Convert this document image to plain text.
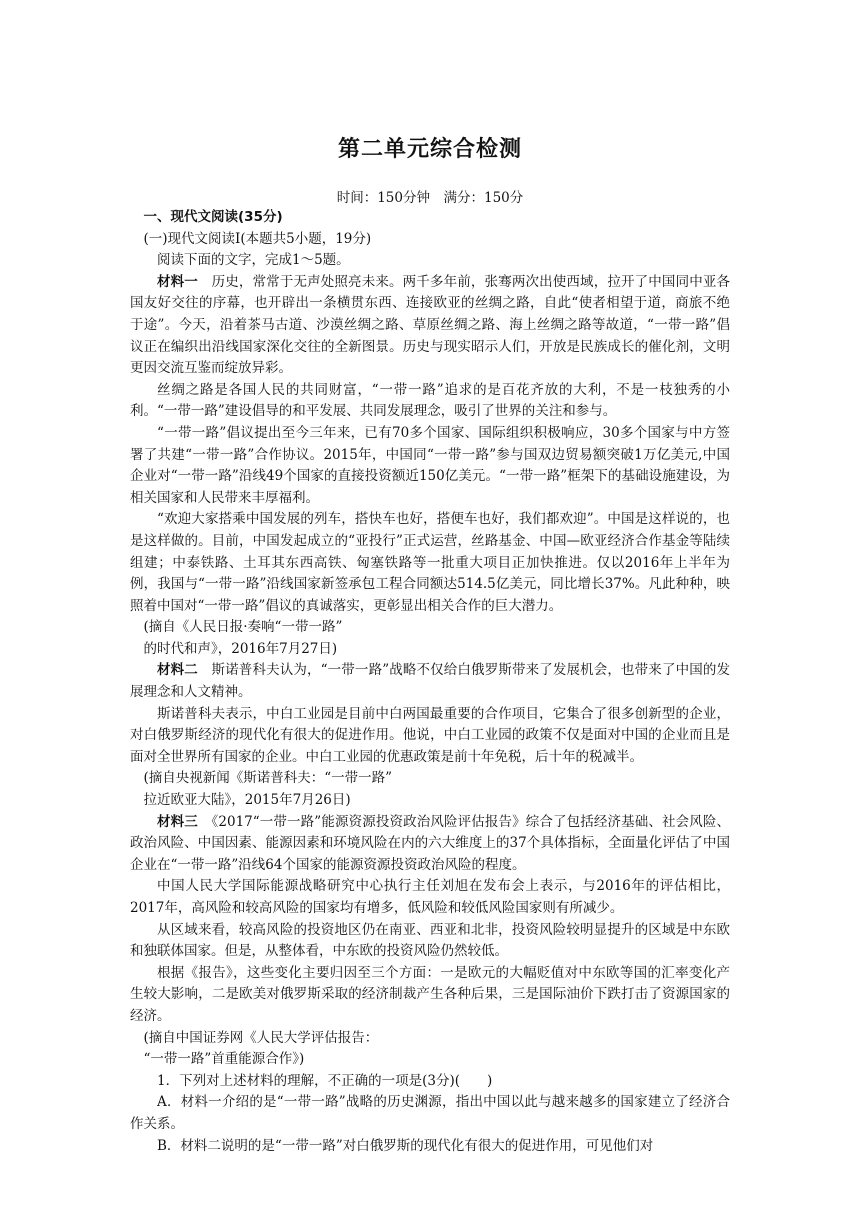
第二单元综合检测
时间：150分钟　满分：150分

一、现代文阅读(35分)

(一)现代文阅读Ⅰ(本题共5小题，19分)

阅读下面的文字，完成1～5题。

材料一　历史，常常于无声处照亮未来。两千多年前，张骞两次出使西域，拉开了中国同中亚各国友好交往的序幕，也开辟出一条横贯东西、连接欧亚的丝绸之路，自此“使者相望于道，商旅不绝于途”。今天，沿着茶马古道、沙漠丝绸之路、草原丝绸之路、海上丝绸之路等故道，“一带一路”倡议正在编织出沿线国家深化交往的全新图景。历史与现实昭示人们，开放是民族成长的催化剂，文明更因交流互鉴而绽放异彩。

丝绸之路是各国人民的共同财富，“一带一路”追求的是百花齐放的大利，不是一枝独秀的小利。“一带一路”建设倡导的和平发展、共同发展理念，吸引了世界的关注和参与。

“一带一路”倡议提出至今三年来，已有70多个国家、国际组织积极响应，30多个国家与中方签署了共建“一带一路”合作协议。2015年，中国同“一带一路”参与国双边贸易额突破1万亿美元,中国企业对“一带一路”沿线49个国家的直接投资额近150亿美元。“一带一路”框架下的基础设施建设，为相关国家和人民带来丰厚福利。

“欢迎大家搭乘中国发展的列车，搭快车也好，搭便车也好，我们都欢迎”。中国是这样说的，也是这样做的。目前，中国发起成立的“亚投行”正式运营，丝路基金、中国—欧亚经济合作基金等陆续组建；中泰铁路、土耳其东西高铁、匈塞铁路等一批重大项目正加快推进。仅以2016年上半年为例，我国与“一带一路”沿线国家新签承包工程合同额达514.5亿美元，同比增长37%。凡此种种，映照着中国对“一带一路”倡议的真诚落实，更彰显出相关合作的巨大潜力。

(摘自《人民日报·奏响“一带一路”

的时代和声》，2016年7月27日)

材料二　斯诺普科夫认为，“一带一路”战略不仅给白俄罗斯带来了发展机会，也带来了中国的发展理念和人文精神。

斯诺普科夫表示，中白工业园是目前中白两国最重要的合作项目，它集合了很多创新型的企业，对白俄罗斯经济的现代化有很大的促进作用。他说，中白工业园的政策不仅是面对中国的企业而且是面对全世界所有国家的企业。中白工业园的优惠政策是前十年免税，后十年的税减半。

(摘自央视新闻《斯诺普科夫：“一带一路”

拉近欧亚大陆》，2015年7月26日)

材料三　《2017“一带一路”能源资源投资政治风险评估报告》综合了包括经济基础、社会风险、政治风险、中国因素、能源因素和环境风险在内的六大维度上的37个具体指标，全面量化评估了中国企业在“一带一路”沿线64个国家的能源资源投资政治风险的程度。

中国人民大学国际能源战略研究中心执行主任刘旭在发布会上表示，与2016年的评估相比，2017年，高风险和较高风险的国家均有增多，低风险和较低风险国家则有所减少。

从区域来看，较高风险的投资地区仍在南亚、西亚和北非，投资风险较明显提升的区域是中东欧和独联体国家。但是，从整体看，中东欧的投资风险仍然较低。

根据《报告》，这些变化主要归因至三个方面：一是欧元的大幅贬值对中东欧等国的汇率变化产生较大影响，二是欧美对俄罗斯采取的经济制裁产生各种后果，三是国际油价下跌打击了资源国家的经济。

(摘自中国证券网《人民大学评估报告：

“一带一路”首重能源合作》)

1．下列对上述材料的理解，不正确的一项是(3分)(　　)

A．材料一介绍的是“一带一路”战略的历史渊源，指出中国以此与越来越多的国家建立了经济合作关系。

B．材料二说明的是“一带一路”对白俄罗斯的现代化有很大的促进作用，可见他们对
